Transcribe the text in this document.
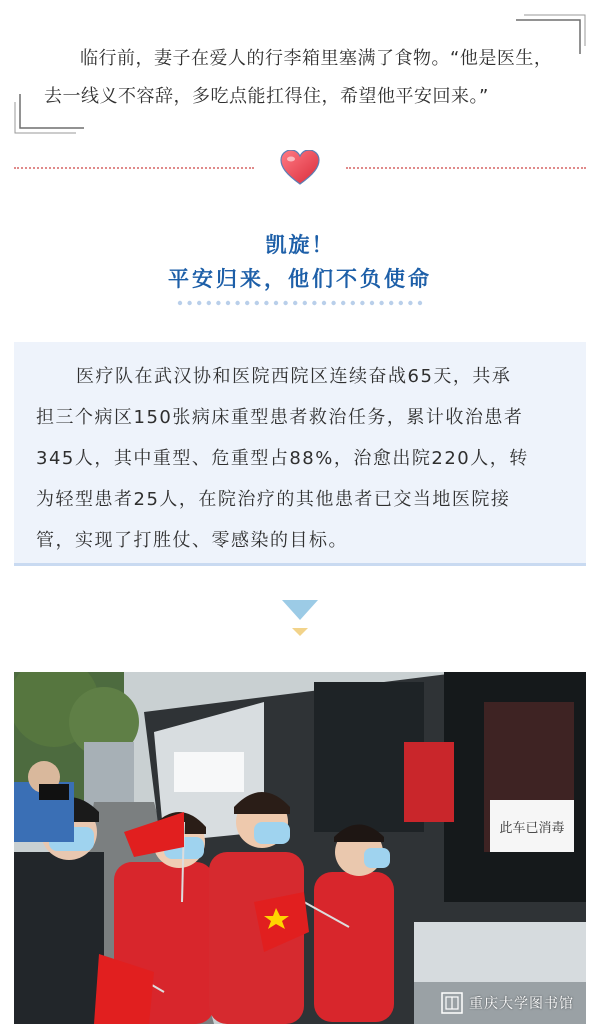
临行前，妻子在爱人的行李箱里塞满了食物。“他是医生，
去一线义不容辞，多吃点能扛得住，希望他平安回来。”
凯旋！
平安归来，他们不负使命
医疗队在武汉协和医院西院区连续奋战65天，共承
担三个病区150张病床重型患者救治任务，累计收治患者
345人，其中重型、危重型占88%，治愈出院220人，转
为轻型患者25人，在院治疗的其他患者已交当地医院接
管，实现了打胜仗、零感染的目标。
此车已消毒
重庆大学图书馆
